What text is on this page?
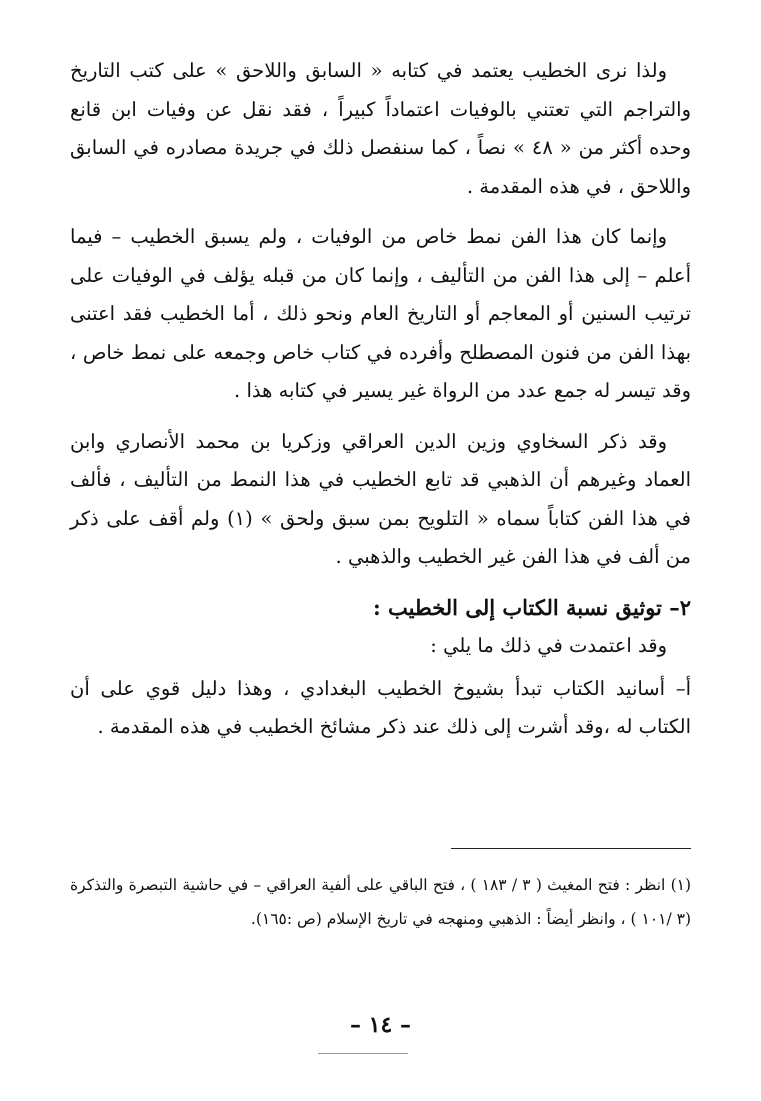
ولذا نرى الخطيب يعتمد في كتابه « السابق واللاحق » على كتب التاريخ والتراجم التي تعتني بالوفيات اعتماداً كبيراً ، فقد نقل عن وفيات ابن قانع وحده أكثر من « ٤٨ » نصاً ، كما سنفصل ذلك في جريدة مصادره في السابق واللاحق ، في هذه المقدمة .

وإنما كان هذا الفن نمط خاص من الوفيات ، ولم يسبق الخطيب – فيما أعلم – إلى هذا الفن من التأليف ، وإنما كان من قبله يؤلف في الوفيات على ترتيب السنين أو المعاجم أو التاريخ العام ونحو ذلك ، أما الخطيب فقد اعتنى بهذا الفن من فنون المصطلح وأفرده في كتاب خاص وجمعه على نمط خاص ، وقد تيسر له جمع عدد من الرواة غير يسير في كتابه هذا .

وقد ذكر السخاوي وزين الدين العراقي وزكريا بن محمد الأنصاري وابن العماد وغيرهم أن الذهبي قد تابع الخطيب في هذا النمط من التأليف ، فألف في هذا الفن كتاباً سماه « التلويح بمن سبق ولحق » (١) ولم أقف على ذكر من ألف في هذا الفن غير الخطيب والذهبي .

٢– توثيق نسبة الكتاب إلى الخطيب :

وقد اعتمدت في ذلك ما يلي :

أ– أسانيد الكتاب تبدأ بشيوخ الخطيب البغدادي ، وهذا دليل قوي على أن الكتاب له ،وقد أشرت إلى ذلك عند ذكر مشائخ الخطيب في هذه المقدمة .

(١) انظر : فتح المغيث ( ٣ / ١٨٣ ) ، فتح الباقي على ألفية العراقي – في حاشية التبصرة والتذكرة (٣ /١٠١ ) ، وانظر أيضاً : الذهبي ومنهجه في تاريخ الإسلام (ص :١٦٥).

– ١٤ –
